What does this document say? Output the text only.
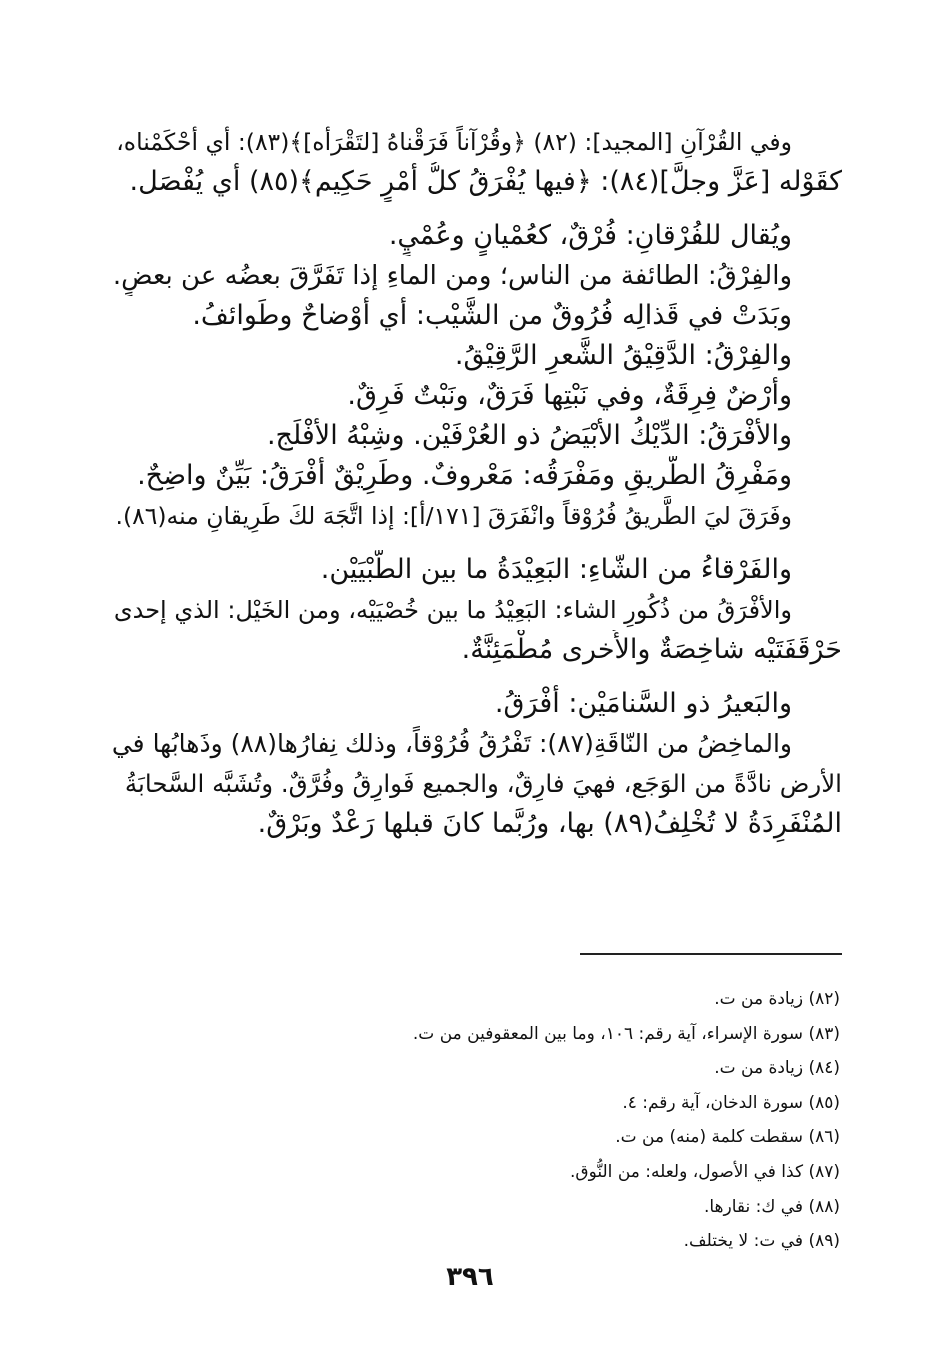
وفي القُرْآنِ [المجيد]: (٨٢) ﴿وقُرْآناً فَرَقْناهُ [لتَقْرَأه]﴾(٨٣): أي أحْكَمْناه،
كقَوْله [عَزَّ وجلَّ](٨٤): ﴿فيها يُفْرَقُ كلُّ أمْرٍ حَكِيم﴾(٨٥) أي يُفْصَل.
ويُقال للفُرْقانِ: فُرْقٌ، كعُمْيانٍ وعُمْيٍ.
والفِرْقُ: الطائفة من الناس؛ ومن الماءِ إذا تَفَرَّقَ بعضُه عن بعضٍ.
وبَدَتْ في قَذالِه فُرُوقٌ من الشَّيْب: أي أوْضاحٌ وطَوائفُ.
والفِرْقُ: الدَّقِيْقُ الشَّعرِ الرَّقِيْقُ.
وأرْضٌ فِرِقَةٌ، وفي نَبْتِها فَرَقٌ، ونَبْتٌ فَرِقٌ.
والأفْرَقُ: الدِّيْكُ الأبْيَضُ ذو العُرْفَيْن. وشِبْهُ الأفْلَج.
ومَفْرِقُ الطَّريقِ ومَفْرَقُه: مَعْروفٌ. وطَرِيْقٌ أفْرَقُ: بَيِّنٌ واضِحٌ.
وفَرَقَ ليَ الطَّريقُ فُرُوْقاً وانْفَرَقَ [١٧١/أ]: إذا اتَّجَهَ لكَ طَرِيقانِ منه(٨٦).
والفَرْقاءُ من الشّاءِ: البَعِيْدَةُ ما بين الطُّبْيَيْن.
والأفْرَقُ من ذُكُورِ الشاء: البَعِيْدُ ما بين خُصْيَيْه، ومن الخَيْل: الذي إحدى
حَرْقَفَتَيْه شاخِصَةٌ والأُخرى مُطْمَئِنَّةٌ.
والبَعيرُ ذو السَّنامَيْن: أفْرَقُ.
والماخِضُ من النّاقَةِ(٨٧): تَفْرُقُ فُرُوْقاً، وذلك نِفارُها(٨٨) وذَهابُها في
الأرض نادَّةً من الوَجَع، فهيَ فارِقٌ، والجميع فَوارِقُ وفُرَّقٌ. وتُشَبَّه السَّحابَةُ
المُنْفَرِدَةُ لا تُخْلِفُ(٨٩) بها، ورُبَّما كانَ قبلها رَعْدٌ وبَرْقٌ.
(٨٢) زيادة من ت.
(٨٣) سورة الإسراء، آية رقم: ١٠٦، وما بين المعقوفين من ت.
(٨٤) زيادة من ت.
(٨٥) سورة الدخان، آية رقم: ٤.
(٨٦) سقطت كلمة (منه) من ت.
(٨٧) كذا في الأصول، ولعله: من النُّوق.
(٨٨) في ك: نقارها.
(٨٩) في ت: لا يختلف.
٣٩٦
